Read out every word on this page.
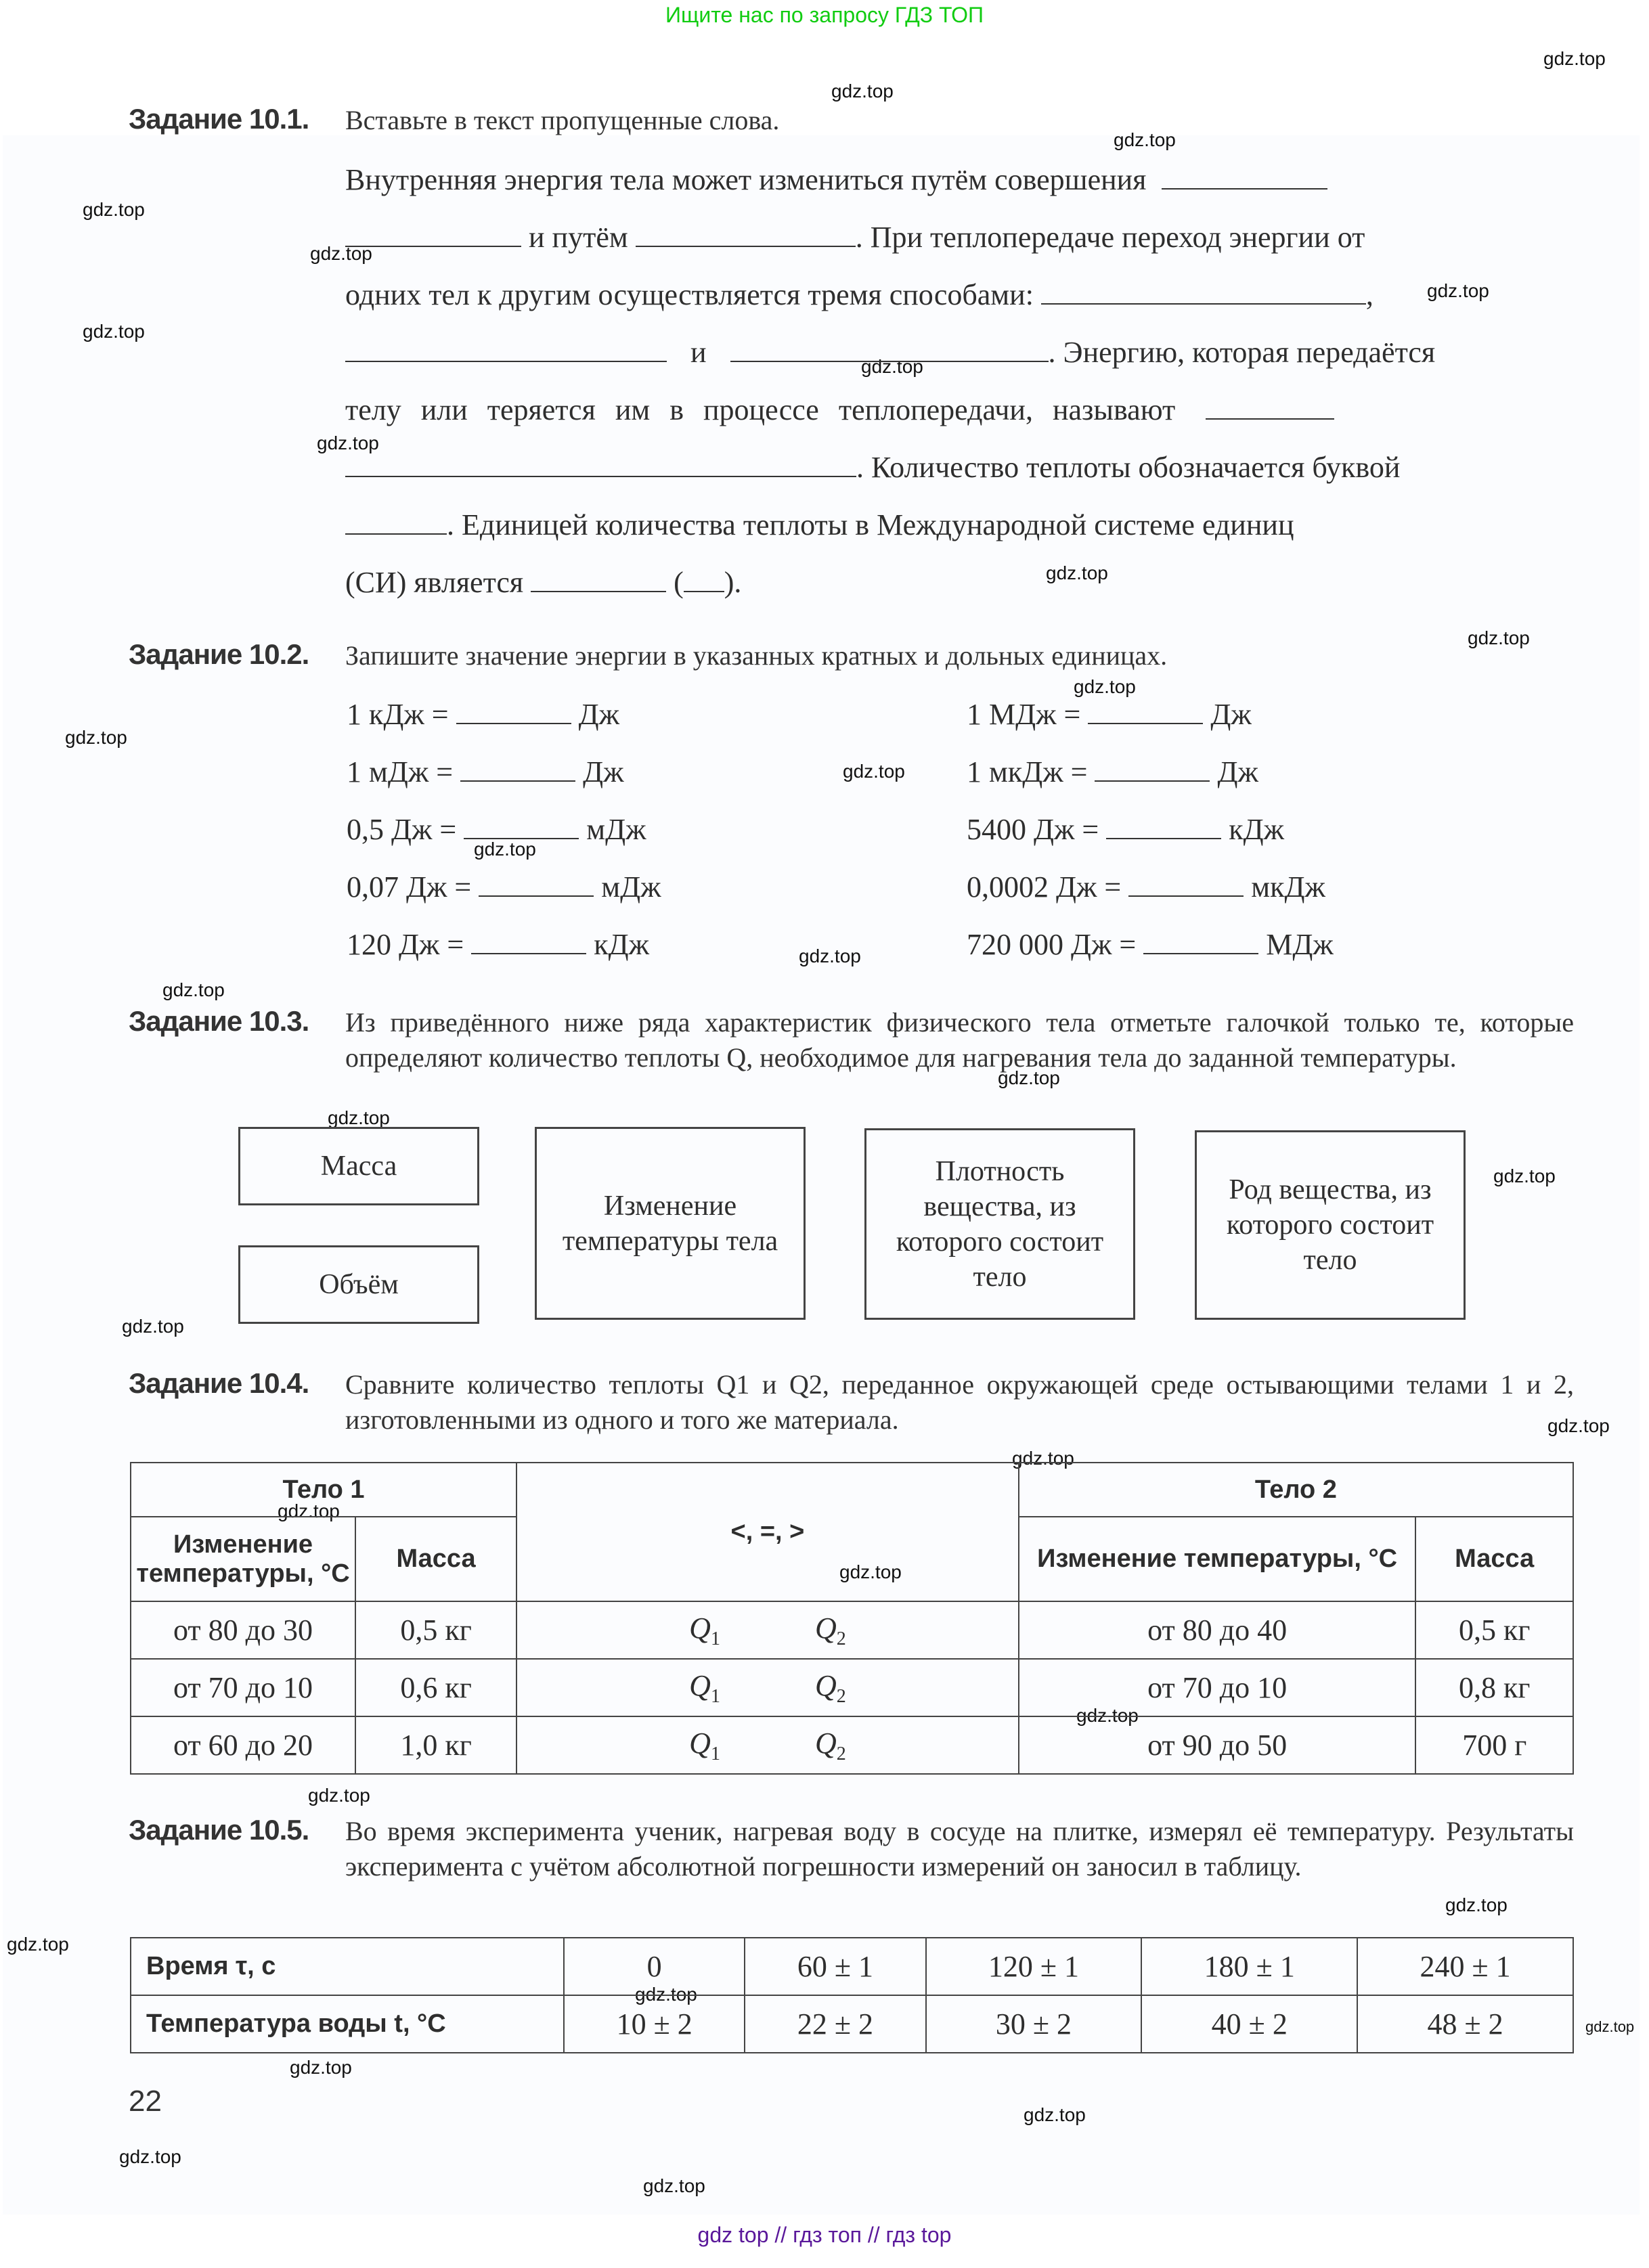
Ищите нас по запросу ГДЗ ТОП
gdz.top
gdz.top
gdz.top
gdz.top
gdz.top
gdz.top
gdz.top
gdz.top
gdz.top
gdz.top
gdz.top
gdz.top
gdz.top
gdz.top
gdz.top
gdz.top
gdz.top
gdz.top
gdz.top
gdz.top
gdz.top
gdz.top
gdz.top
gdz.top
gdz.top
gdz.top
gdz.top
gdz.top
gdz.top
gdz.top
gdz.top
gdz.top
gdz.top
gdz.top
gdz.top
Задание 10.1. Вставьте в текст пропущенные слова.
Внутренняя энергия тела может измениться путём совершения
и путём	. При теплопередаче переход энергии от
одних тел к другим осуществляется тремя способами:	,
и	. Энергию, которая передаётся
телу или теряется им в процессе теплопередачи, называют
. Количество теплоты обозначается буквой
. Единицей количества теплоты в Международной системе единиц
(СИ) является	( ).
Задание 10.2. Запишите значение энергии в указанных кратных и дольных единицах.
1 кДж =	Дж
1 мДж =	Дж
0,5 Дж =	мДж
0,07 Дж =	мДж
120 Дж =	кДж
1 МДж =	Дж
1 мкДж =	Дж
5400 Дж =	кДж
0,0002 Дж =	мкДж
720 000 Дж =	МДж
Задание 10.3. Из приведённого ниже ряда характеристик физического тела отметьте галочкой только те, которые определяют количество теплоты Q, необходимое для нагревания тела до заданной температуры.
Масса
Объём
Изменение температуры тела
Плотность вещества, из которого состоит тело
Род вещества, из которого состоит тело
Задание 10.4. Сравните количество теплоты Q1 и Q2, переданное окружающей среде остывающими телами 1 и 2, изготовленными из одного и того же материала.
Тело 1		<, =, >	Тело 2	
Изменение температуры, °С	Масса		Изменение температуры, °С	Масса
от 80 до 30	0,5 кг	$Q_1$ $Q_2$	от 80 до 40	0,5 кг
от 70 до 10	0,6 кг	$Q_1$ $Q_2$	от 70 до 10	0,8 кг
от 60 до 20	1,0 кг	$Q_1$ $Q_2$	от 90 до 50	700 г
Задание 10.5. Во время эксперимента ученик, нагревая воду в сосуде на плитке, измерял её температуру. Результаты эксперимента с учётом абсолютной погрешности измерений он заносил в таблицу.
Время τ, с	0	60 ± 1	120 ± 1	180 ± 1	240 ± 1
Температура воды t, °С	10 ± 2	22 ± 2	30 ± 2	40 ± 2	48 ± 2
22
gdz top // гдз топ // гдз top
